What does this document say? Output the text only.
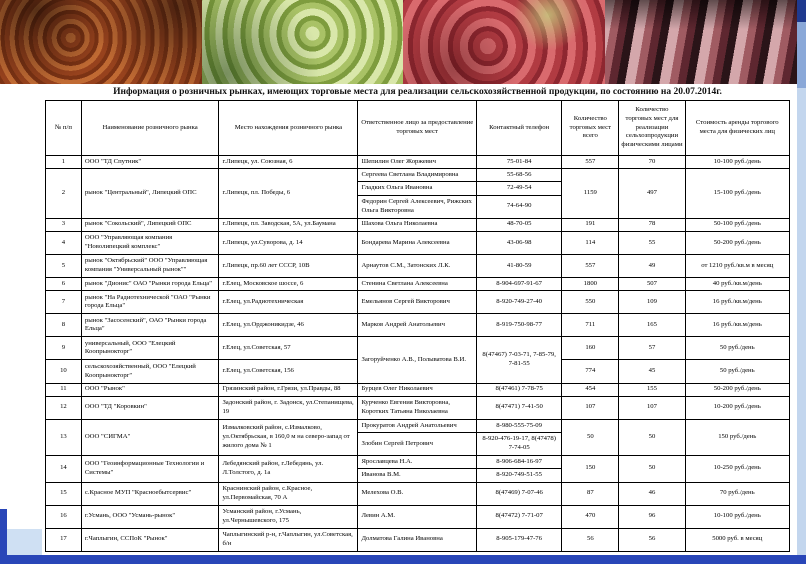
Информация о розничных рынках, имеющих торговые места для реализации сельскохозяйственной продукции, по состоянию на 20.07.2014г.
№ п/п	Наименование розничного рынка	Место нахождения розничного рынка	Ответственное лицо за предоставление торговых мест	Контактный телефон	Количество торговых мест всего	Количество торговых мест для реализации сельхозпродукции физическими лицами	Стоимость аренды торгового места для физических лиц
1	ООО "ТД Спутник"	г.Липецк, ул. Союзная, 6	Шепилин Олег Жоржевич	75-01-84	557	70	10-100 руб./день
2	рынок "Центральный", Липецкий ОПС	г.Липецк, пл. Победы, 6	Сергеева Светлана Владимировна	55-68-56	1159	497	15-100 руб./день
			Гладких Ольга Ивановна	72-49-54			
			Федорин Сергей Алексеевич, Рижских Ольга Викторовна	74-64-90			
3	рынок "Сокольский", Липецкий ОПС	г.Липецк, пл. Заводская, 5А, ул.Баумана	Шахова Ольга Николаевна	48-70-05	191	78	50-100 руб./день
4	ООО "Управляющая компания "Новолипецкий комплекс"	г.Липецк, ул.Суворова, д. 14	Бондарева Марина Алексеевна	43-06-98	114	55	50-200 руб./день
5	рынок "Октябрьский" ООО "Управляющая компания "Универсальный рынок""	г.Липецк, пр.60 лет СССР, 10В	Арнаутов С.М., Затонских Л.К.	41-80-59	557	49	от 1210 руб./кв.м в месяц
6	рынок "Дионис" ОАО "Рынки города Ельца"	г.Елец, Московское шоссе, 6	Стенина Светлана Алексеевна	8-904-697-91-67	1800	507	40 руб./кв.м/день
7	рынок "На Радиотехнической "ОАО "Рынки города Ельца"	г.Елец, ул.Радиотехническая	Емельянов Сергей Викторович	8-920-749-27-40	550	109	16 руб./кв.м/день
8	рынок "Засосенский", ОАО "Рынки города Ельца"	г.Елец, ул.Орджоникидзе, 46	Марков Андрей Анатольевич	8-919-750-98-77	711	165	16 руб./кв.м/день
9	универсальный, ООО "Елецкий Коопрынокторг"	г.Елец, ул.Советская, 57	Загоруйченко А.В., Полыватова В.И.	8(47467) 7-03-71, 7-85-79, 7-81-55	160	57	50 руб./день
10	сельскохозяйственный, ООО "Елецкий Коопрынокторг"	г.Елец, ул.Советская, 156			774	45	50 руб./день
11	ООО "Рынок"	Грязинский район, г.Грязи, ул.Правды, 88	Бурцев Олег Николаевич	8(47461) 7-78-75	454	155	50-200 руб./день
12	ООО "ТД "Коровкин"	Задонский район, г. Задонск, ул.Степанищева, 19	Курченко Евгения Викторовна, Коротких Татьяна Николаевна	8(47471) 7-41-50	107	107	10-200 руб./день
13	ООО "СИГМА"	Измалковский район, с.Измалково, ул.Октябрьская, в 160,0 м на северо-запад от жилого дома № 1	Прокуратов Андрей Анатольевич	8-980-555-75-09	50	50	150 руб./день
			Злобин Сергей Петрович	8-920-476-19-17, 8(47478) 7-74-05			
14	ООО "Геоинформационные Технологии и Системы"	Лебедянский район, г.Лебедянь, ул. Л.Толстого, д. 1а	Ярославцева Н.А.	8-906-684-16-97	150	50	10-250 руб./день
			Иванова В.М.	8-920-749-51-55			
15	с.Красное МУП "Красноебытсервис"	Краснинский район, с.Красное, ул.Первомайская, 70 А	Мелехова О.В.	8(47469) 7-07-46	87	46	70 руб./день
16	г.Усмань, ООО "Усмань-рынок"	Усманский район, г.Усмань, ул.Чернышевского, 175	Левин А.М.	8(47472) 7-71-07	470	96	10-100 руб./день
17	г.Чаплыгин, ССПоК "Рынок"	Чаплыгинский р-н, г.Чаплыгин, ул.Советская, б/н	Долматова Галина Ивановна	8-905-179-47-76	56	56	5000 руб. в месяц
